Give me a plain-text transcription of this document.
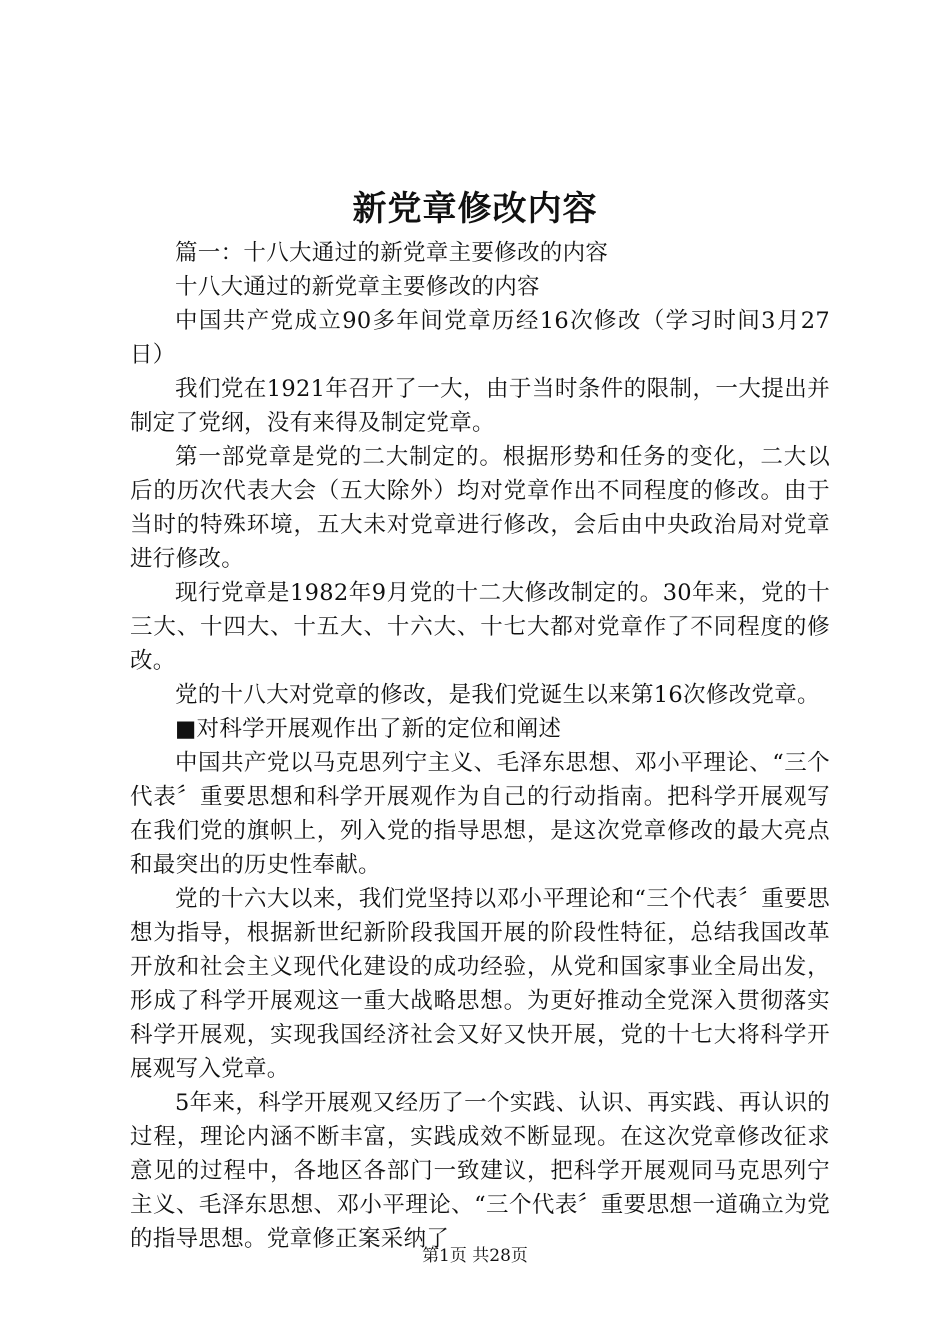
新党章修改内容

篇一：十八大通过的新党章主要修改的内容

十八大通过的新党章主要修改的内容

中国共产党成立90多年间党章历经16次修改（学习时间3月27日）

我们党在1921年召开了一大，由于当时条件的限制，一大提出并制定了党纲，没有来得及制定党章。

第一部党章是党的二大制定的。根据形势和任务的变化，二大以后的历次代表大会（五大除外）均对党章作出不同程度的修改。由于当时的特殊环境，五大未对党章进行修改，会后由中央政治局对党章进行修改。

现行党章是1982年9月党的十二大修改制定的。30年来，党的十三大、十四大、十五大、十六大、十七大都对党章作了不同程度的修改。

党的十八大对党章的修改，是我们党诞生以来第16次修改党章。

■对科学开展观作出了新的定位和阐述

中国共产党以马克思列宁主义、毛泽东思想、邓小平理论、“三个代表〞重要思想和科学开展观作为自己的行动指南。把科学开展观写在我们党的旗帜上，列入党的指导思想，是这次党章修改的最大亮点和最突出的历史性奉献。

党的十六大以来，我们党坚持以邓小平理论和“三个代表〞重要思想为指导，根据新世纪新阶段我国开展的阶段性特征，总结我国改革开放和社会主义现代化建设的成功经验，从党和国家事业全局出发，形成了科学开展观这一重大战略思想。为更好推动全党深入贯彻落实科学开展观，实现我国经济社会又好又快开展，党的十七大将科学开展观写入党章。

5年来，科学开展观又经历了一个实践、认识、再实践、再认识的过程，理论内涵不断丰富，实践成效不断显现。在这次党章修改征求意见的过程中，各地区各部门一致建议，把科学开展观同马克思列宁主义、毛泽东思想、邓小平理论、“三个代表〞重要思想一道确立为党的指导思想。党章修正案采纳了

第1页 共28页
